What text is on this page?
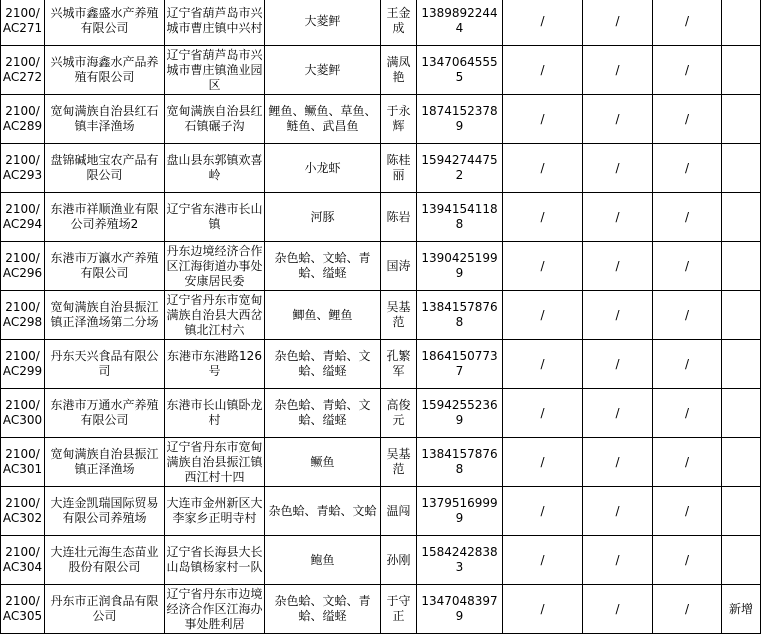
2100/AC271	兴城市鑫盛水产养殖有限公司	辽宁省葫芦岛市兴城市曹庄镇中兴村	大菱鲆	王金成	13898922444	/	/	/	
2100/AC272	兴城市海鑫水产品养殖有限公司	辽宁省葫芦岛市兴城市曹庄镇渔业园区	大菱鲆	满凤艳	13470645555	/	/	/	
2100/AC289	宽甸满族自治县红石镇丰泽渔场	宽甸满族自治县红石镇碾子沟	鲤鱼、鳜鱼、草鱼、鲢鱼、武昌鱼	于永辉	18741523789	/	/	/	
2100/AC293	盘锦碱地宝农产品有限公司	盘山县东郭镇欢喜岭	小龙虾	陈桂丽	15942744752	/	/	/	
2100/AC294	东港市祥顺渔业有限公司养殖场2	辽宁省东港市长山镇	河豚	陈岩	13941541188	/	/	/	
2100/AC296	东港市万瀛水产养殖有限公司	丹东边境经济合作区江海街道办事处安康居民委	杂色蛤、文蛤、青蛤、缢蛏	国涛	13904251999	/	/	/	
2100/AC298	宽甸满族自治县振江镇正泽渔场第二分场	辽宁省丹东市宽甸满族自治县大西岔镇北江村六	鲫鱼、鲤鱼	吴基范	13841578768	/	/	/	
2100/AC299	丹东天兴食品有限公司	东港市东港路126号	杂色蛤、青蛤、文蛤、缢蛏	孔繁军	18641507737	/	/	/	
2100/AC300	东港市万通水产养殖有限公司	东港市长山镇卧龙村	杂色蛤、青蛤、文蛤、缢蛏	高俊元	15942552369	/	/	/	
2100/AC301	宽甸满族自治县振江镇正泽渔场	辽宁省丹东市宽甸满族自治县振江镇西江村十四	鳜鱼	吴基范	13841578768	/	/	/	
2100/AC302	大连金凯瑞国际贸易有限公司养殖场	大连市金州新区大李家乡正明寺村	杂色蛤、青蛤、文蛤	温闯	13795169999	/	/	/	
2100/AC304	大连壮元海生态苗业股份有限公司	辽宁省长海县大长山岛镇杨家村一队	鲍鱼	孙刚	15842428383	/	/	/	
2100/AC305	丹东市正润食品有限公司	辽宁省丹东市边境经济合作区江海办事处胜利居	杂色蛤、文蛤、青蛤、缢蛏	于守正	13470483979	/	/	/	新增
